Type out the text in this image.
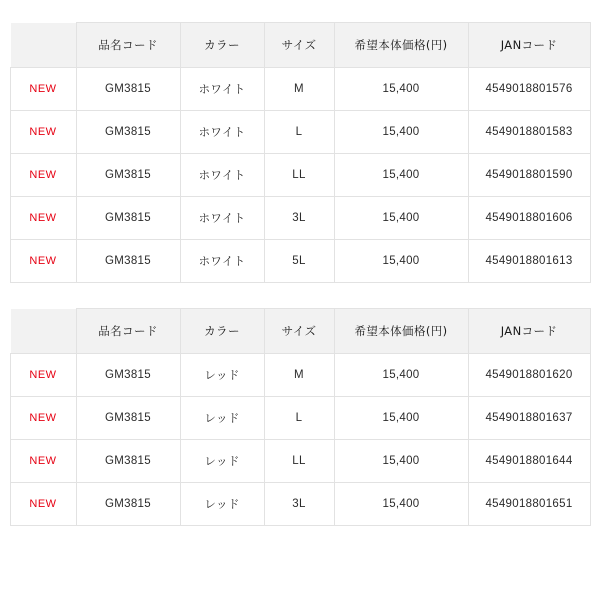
	品名コード	カラー	サイズ	希望本体価格(円)	JANコード
NEW	GM3815	ホワイト	M	15,400	4549018801576
NEW	GM3815	ホワイト	L	15,400	4549018801583
NEW	GM3815	ホワイト	LL	15,400	4549018801590
NEW	GM3815	ホワイト	3L	15,400	4549018801606
NEW	GM3815	ホワイト	5L	15,400	4549018801613
	品名コード	カラー	サイズ	希望本体価格(円)	JANコード
NEW	GM3815	レッド	M	15,400	4549018801620
NEW	GM3815	レッド	L	15,400	4549018801637
NEW	GM3815	レッド	LL	15,400	4549018801644
NEW	GM3815	レッド	3L	15,400	4549018801651
